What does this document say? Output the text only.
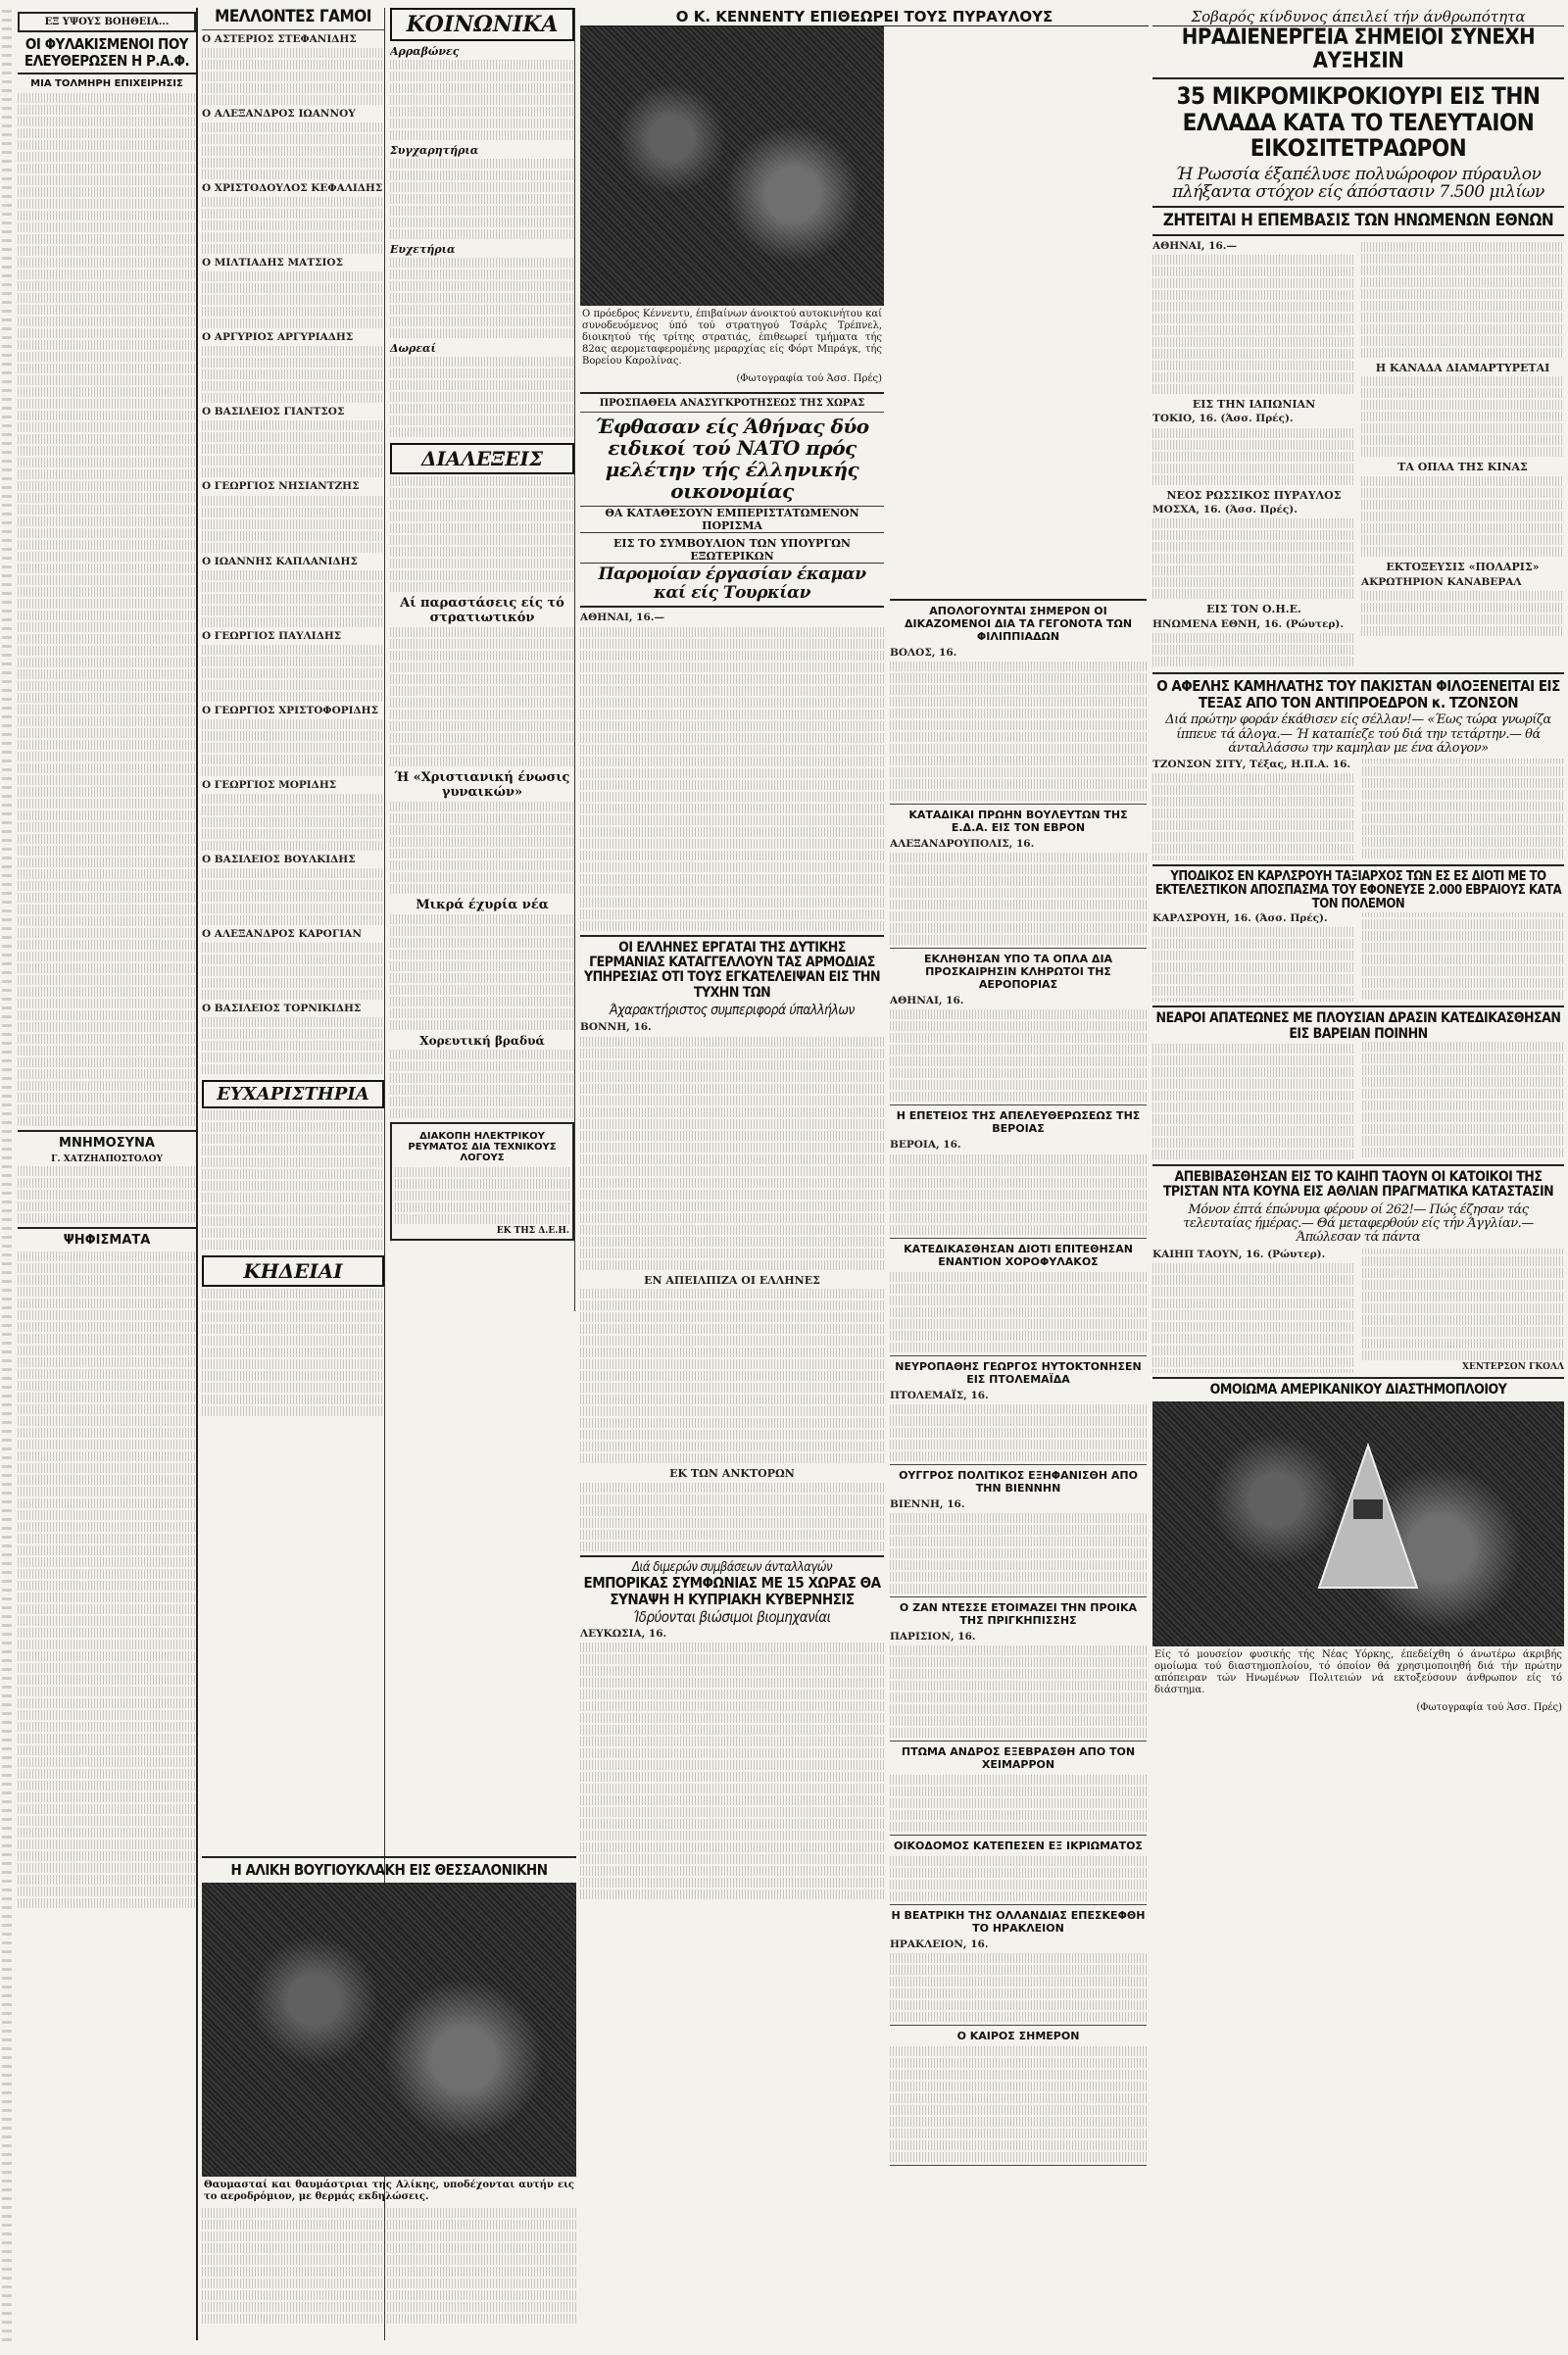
ΕΞ ΥΨΟΥΣ ΒΟΗΘΕΙΑ...
ΟΙ ΦΥΛΑΚΙΣΜΕΝΟΙ ΠΟΥ ΕΛΕΥΘΕΡΩΣΕΝ Η Ρ.Α.Φ.
ΜΙΑ ΤΟΛΜΗΡΗ ΕΠΙΧΕΙΡΗΣΙΣ
ΜΝΗΜΟΣΥΝΑ
Γ. ΧΑΤΖΗΑΠΟΣΤΟΛΟΥ
ΨΗΦΙΣΜΑΤΑ
ΜΕΛΛΟΝΤΕΣ ΓΑΜΟΙ
Ο ΑΣΤΕΡΙΟΣ ΣΤΕΦΑΝΙΔΗΣ
Ο ΑΛΕΞΑΝΔΡΟΣ ΙΩΑΝΝΟΥ
Ο ΧΡΙΣΤΟΔΟΥΛΟΣ ΚΕΦΑΛΙΔΗΣ
Ο ΜΙΛΤΙΑΔΗΣ ΜΑΤΣΙΟΣ
Ο ΑΡΓΥΡΙΟΣ ΑΡΓΥΡΙΑΔΗΣ
Ο ΒΑΣΙΛΕΙΟΣ ΓΙΑΝΤΣΟΣ
Ο ΓΕΩΡΓΙΟΣ ΝΗΣΙΑΝΤΖΗΣ
Ο ΙΩΑΝΝΗΣ ΚΑΠΛΑΝΙΔΗΣ
Ο ΓΕΩΡΓΙΟΣ ΠΑΥΛΙΔΗΣ
Ο ΓΕΩΡΓΙΟΣ ΧΡΙΣΤΟΦΟΡΙΔΗΣ
Ο ΓΕΩΡΓΙΟΣ ΜΟΡΙΔΗΣ
Ο ΒΑΣΙΛΕΙΟΣ ΒΟΥΛΚΙΔΗΣ
Ο ΑΛΕΞΑΝΔΡΟΣ ΚΑΡΟΓΙΑΝ
Ο ΒΑΣΙΛΕΙΟΣ ΤΟΡΝΙΚΙΔΗΣ
ΕΥΧΑΡΙΣΤΗΡΙΑ
ΚΗΔΕΙΑΙ
Η ΑΛΙΚΗ ΒΟΥΓΙΟΥΚΛΑΚΗ ΕΙΣ ΘΕΣΣΑΛΟΝΙΚΗΝ
Θαυμασταί και θαυμάστριαι της Αλίκης, υποδέχονται αυτήν εις το αεροδρόμιον, με θερμάς εκδηλώσεις.
ΚΟΙΝΩΝΙΚΑ
Αρραβώνες
Συγχαρητήρια
Ευχετήρια
Δωρεαί
ΔΙΑΛΕΞΕΙΣ
Αί παραστάσεις είς τό στρατιωτικόν
Ή «Χριστιανική ένωσις γυναικών»
Μικρά έχυρία νέα
Χορευτική βραδυά
ΔΙΑΚΟΠΗ ΗΛΕΚΤΡΙΚΟΥ ΡΕΥΜΑΤΟΣ ΔΙΑ ΤΕΧΝΙΚΟΥΣ ΛΟΓΟΥΣ
ΕΚ ΤΗΣ Δ.Ε.Η.
Ο Κ. ΚΕΝΝΕΝΤΥ ΕΠΙΘΕΩΡΕΙ ΤΟΥΣ ΠΥΡΑΥΛΟΥΣ
Ο πρόεδρος Κέννεντυ, έπιβαίνων άνοικτού αυτοκινήτου καί συνοδευόμενος ύπό τού στρατηγού Τσάρλς Τρέπνελ, διοικητού τής τρίτης στρατιάς, έπιθεωρεί τμήματα τής 82ας αερομεταφερομένης μεραρχίας είς Φόρτ Μπράγκ, τής Βορείου Καρολίνας.
(Φωτογραφία τού Άσσ. Πρές)
ΠΡΟΣΠΑΘΕΙΑ ΑΝΑΣΥΓΚΡΟΤΗΣΕΩΣ ΤΗΣ ΧΩΡΑΣ
Έφθασαν είς Άθήνας δύο ειδικοί τού ΝΑΤΟ πρός μελέτην τής έλληνικής οικονομίας
ΘΑ ΚΑΤΑΘΕΣΟΥΝ ΕΜΠΕΡΙΣΤΑΤΩΜΕΝΟΝ ΠΟΡΙΣΜΑ
ΕΙΣ ΤΟ ΣΥΜΒΟΥΛΙΟΝ ΤΩΝ ΥΠΟΥΡΓΩΝ ΕΞΩΤΕΡΙΚΩΝ
Παρομοίαν έργασίαν έκαμαν καί είς Τουρκίαν
ΑΘΗΝΑΙ, 16.—
ΟΙ ΕΛΛΗΝΕΣ ΕΡΓΑΤΑΙ ΤΗΣ ΔΥΤΙΚΗΣ ΓΕΡΜΑΝΙΑΣ ΚΑΤΑΓΓΕΛΛΟΥΝ ΤΑΣ ΑΡΜΟΔΙΑΣ ΥΠΗΡΕΣΙΑΣ ΟΤΙ ΤΟΥΣ ΕΓΚΑΤΕΛΕΙΨΑΝ ΕΙΣ ΤΗΝ ΤΥΧΗΝ ΤΩΝ
Άχαρακτήριστος συμπεριφορά ύπαλλήλων
ΒΟΝΝΗ, 16.
ΕΝ ΑΠΕΙΛΠΙΖΑ ΟΙ ΕΛΛΗΝΕΣ
ΕΚ ΤΩΝ ΑΝΚΤΟΡΩΝ
Διά διμερών συμβάσεων άνταλλαγών
ΕΜΠΟΡΙΚΑΣ ΣΥΜΦΩΝΙΑΣ ΜΕ 15 ΧΩΡΑΣ ΘΑ ΣΥΝΑΨΗ Η ΚΥΠΡΙΑΚΗ ΚΥΒΕΡΝΗΣΙΣ
Ίδρύονται βιώσιμοι βιομηχανίαι
ΛΕΥΚΩΣΙΑ, 16.
ΑΠΟΛΟΓΟΥΝΤΑΙ ΣΗΜΕΡΟΝ ΟΙ ΔΙΚΑΖΟΜΕΝΟΙ ΔΙΑ ΤΑ ΓΕΓΟΝΟΤΑ ΤΩΝ ΦΙΛΙΠΠΙΑΔΩΝ
ΒΟΛΟΣ, 16.
ΚΑΤΑΔΙΚΑΙ ΠΡΩΗΝ ΒΟΥΛΕΥΤΩΝ ΤΗΣ Ε.Δ.Α. ΕΙΣ ΤΟΝ ΕΒΡΟΝ
ΑΛΕΞΑΝΔΡΟΥΠΟΛΙΣ, 16.
ΕΚΛΗΘΗΣΑΝ ΥΠΟ ΤΑ ΟΠΛΑ ΔΙΑ ΠΡΟΣΚΑΙΡΗΣΙΝ ΚΛΗΡΩΤΟΙ ΤΗΣ ΑΕΡΟΠΟΡΙΑΣ
ΑΘΗΝΑΙ, 16.
Η ΕΠΕΤΕΙΟΣ ΤΗΣ ΑΠΕΛΕΥΘΕΡΩΣΕΩΣ ΤΗΣ ΒΕΡΟΙΑΣ
ΒΕΡΟΙΑ, 16.
ΚΑΤΕΔΙΚΑΣΘΗΣΑΝ ΔΙΟΤΙ ΕΠΙΤΕΘΗΣΑΝ ΕΝΑΝΤΙΟΝ ΧΟΡΟΦΥΛΑΚΟΣ
ΝΕΥΡΟΠΑΘΗΣ ΓΕΩΡΓΟΣ ΗΥΤΟΚΤΟΝΗΣΕΝ ΕΙΣ ΠΤΟΛΕΜΑΪΔΑ
ΠΤΟΛΕΜΑΪΣ, 16.
ΟΥΓΓΡΟΣ ΠΟΛΙΤΙΚΟΣ ΕΞΗΦΑΝΙΣΘΗ ΑΠΟ ΤΗΝ ΒΙΕΝΝΗΝ
ΒΙΕΝΝΗ, 16.
Ο ΖΑΝ ΝΤΕΣΣΕ ΕΤΟΙΜΑΖΕΙ ΤΗΝ ΠΡΟΙΚΑ ΤΗΣ ΠΡΙΓΚΗΠΙΣΣΗΣ
ΠΑΡΙΣΙΟΝ, 16.
ΠΤΩΜΑ ΑΝΔΡΟΣ ΕΞΕΒΡΑΣΘΗ ΑΠΟ ΤΟΝ ΧΕΙΜΑΡΡΟΝ
ΟΙΚΟΔΟΜΟΣ ΚΑΤΕΠΕΣΕΝ ΕΞ ΙΚΡΙΩΜΑΤΟΣ
Η ΒΕΑΤΡΙΚΗ ΤΗΣ ΟΛΛΑΝΔΙΑΣ ΕΠΕΣΚΕΦΘΗ ΤΟ ΗΡΑΚΛΕΙΟΝ
ΗΡΑΚΛΕΙΟΝ, 16.
Ο ΚΑΙΡΟΣ ΣΗΜΕΡΟΝ
Σοβαρός κίνδυνος άπειλεί τήν άνθρωπότητα
ΗΡΑΔΙΕΝΕΡΓΕΙΑ ΣΗΜΕΙΟΙ ΣΥΝΕΧΗ ΑΥΞΗΣΙΝ
35 ΜΙΚΡΟΜΙΚΡΟΚΙΟΥΡΙ ΕΙΣ ΤΗΝ ΕΛΛΑΔΑ ΚΑΤΑ ΤΟ ΤΕΛΕΥΤΑΙΟΝ ΕΙΚΟΣΙΤΕΤΡΑΩΡΟΝ
Ή Ρωσσία έξαπέλυσε πολυώροφον πύραυλον πλήξαντα στόχον είς άπόστασιν 7.500 μιλίων
ΖΗΤΕΙΤΑΙ Η ΕΠΕΜΒΑΣΙΣ ΤΩΝ ΗΝΩΜΕΝΩΝ ΕΘΝΩΝ
ΑΘΗΝΑΙ, 16.—
ΕΙΣ ΤΗΝ ΙΑΠΩΝΙΑΝ
ΤΟΚΙΟ, 16. (Άσσ. Πρές).
ΝΕΟΣ ΡΩΣΣΙΚΟΣ ΠΥΡΑΥΛΟΣ
ΜΟΣΧΑ, 16. (Άσσ. Πρές).
ΕΙΣ ΤΟΝ Ο.Η.Ε.
ΗΝΩΜΕΝΑ ΕΘΝΗ, 16. (Ρώυτερ).
Η ΚΑΝΑΔΑ ΔΙΑΜΑΡΤΥΡΕΤΑΙ
ΤΑ ΟΠΛΑ ΤΗΣ ΚΙΝΑΣ
ΕΚΤΟΞΕΥΣΙΣ «ΠΟΛΑΡΙΣ»
ΑΚΡΩΤΗΡΙΟΝ ΚΑΝΑΒΕΡΑΛ
Ο ΑΦΕΛΗΣ ΚΑΜΗΛΑΤΗΣ ΤΟΥ ΠΑΚΙΣΤΑΝ ΦΙΛΟΞΕΝΕΙΤΑΙ ΕΙΣ ΤΕΞΑΣ ΑΠΟ ΤΟΝ ΑΝΤΙΠΡΟΕΔΡΟΝ κ. ΤΖΟΝΣΟΝ
Διά πρώτην φοράν έκάθισεν είς σέλλαν!— «Έως τώρα γνωρίζα ίππευε τά άλογα.— Ή καταπίεζε τού διά την τετάρτην.— θά άνταλλάσσω την καμηλαν με ένα άλογον»
ΤΖΟΝΣΟΝ ΣΙΤΥ, Τέξας, Η.Π.Α. 16.
ΥΠΟΔΙΚΟΣ ΕΝ ΚΑΡΛΣΡΟΥΗ ΤΑΞΙΑΡΧΟΣ ΤΩΝ ΕΣ ΕΣ ΔΙΟΤΙ ΜΕ ΤΟ ΕΚΤΕΛΕΣΤΙΚΟΝ ΑΠΟΣΠΑΣΜΑ ΤΟΥ ΕΦΟΝΕΥΣΕ 2.000 ΕΒΡΑΙΟΥΣ ΚΑΤΑ ΤΟΝ ΠΟΛΕΜΟΝ
ΚΑΡΛΣΡΟΥΗ, 16. (Άσσ. Πρές).
ΝΕΑΡΟΙ ΑΠΑΤΕΩΝΕΣ ΜΕ ΠΛΟΥΣΙΑΝ ΔΡΑΣΙΝ ΚΑΤΕΔΙΚΑΣΘΗΣΑΝ ΕΙΣ ΒΑΡΕΙΑΝ ΠΟΙΝΗΝ
ΑΠΕΒΙΒΑΣΘΗΣΑΝ ΕΙΣ ΤΟ ΚΑΙΗΠ ΤΑΟΥΝ ΟΙ ΚΑΤΟΙΚΟΙ ΤΗΣ ΤΡΙΣΤΑΝ ΝΤΑ ΚΟΥΝΑ ΕΙΣ ΑΘΛΙΑΝ ΠΡΑΓΜΑΤΙΚΑ ΚΑΤΑΣΤΑΣΙΝ
Μόνον έπτά έπώνυμα φέρουν οί 262!— Πώς έζησαν τάς τελευταίας ήμέρας.— Θά μεταφερθούν είς τήν Άγγλίαν.— Άπώλεσαν τά πάντα
ΚΑΙΗΠ ΤΑΟΥΝ, 16. (Ρώυτερ).
ΧΕΝΤΕΡΣΟΝ ΓΚΟΛΛ
ΟΜΟΙΩΜΑ ΑΜΕΡΙΚΑΝΙΚΟΥ ΔΙΑΣΤΗΜΟΠΛΟΙΟΥ
Είς τό μουσείον φυσικής τής Νέας Υόρκης, έπεδείχθη ό άνωτέρω άκριβής ομοίωμα τού διαστημοπλοίου, τό όποίον θά χρησιμοποιηθή διά τήν πρώτην απόπειραν τών Ηνωμένων Πολιτειών νά εκτοξεύσουν άνθρωπον είς τό διάστημα.
(Φωτογραφία τού Άσσ. Πρές)
